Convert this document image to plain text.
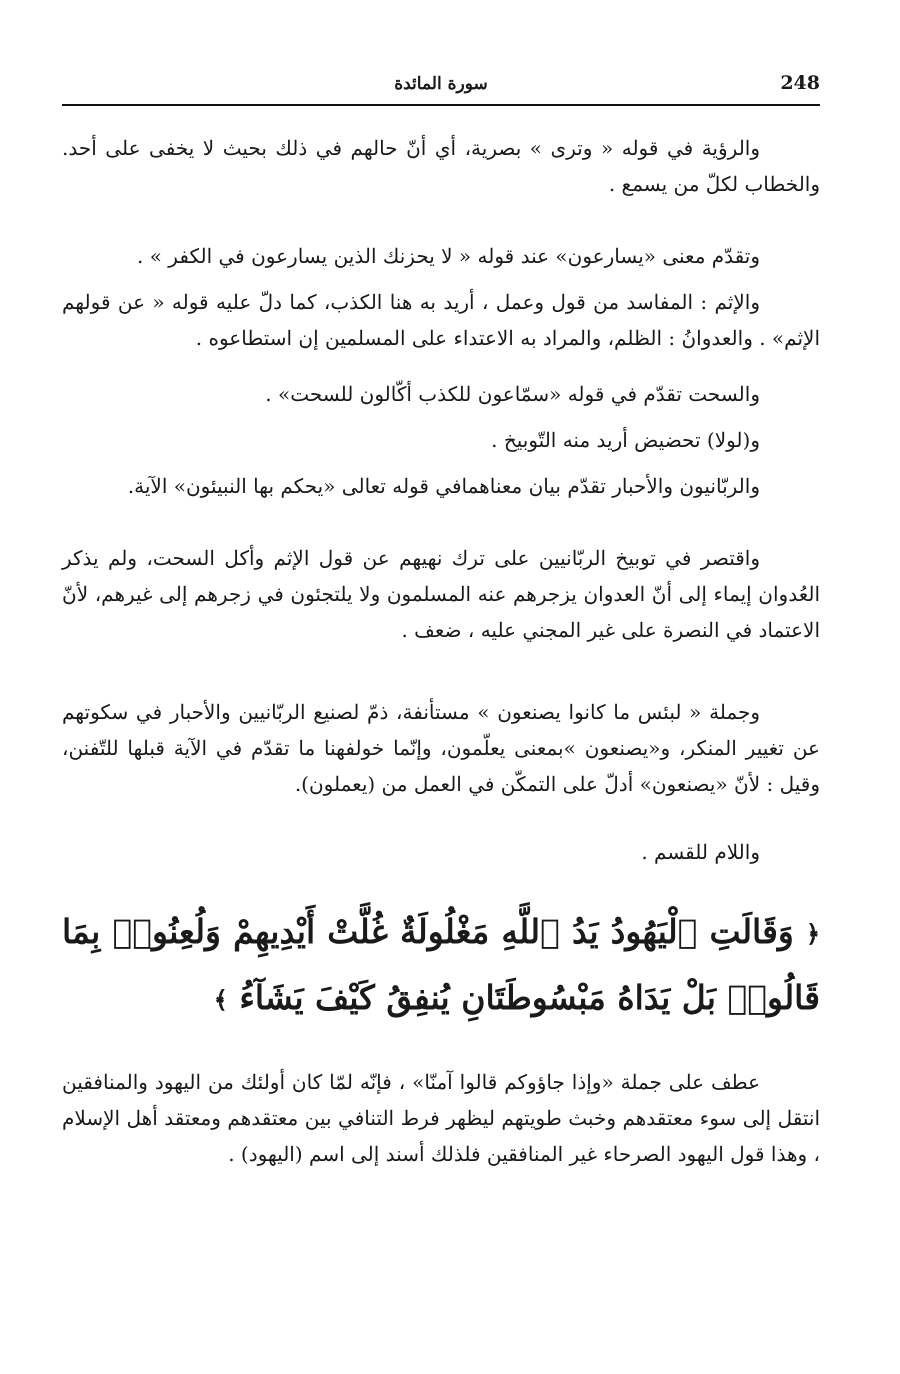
248
سورة المائدة

والرؤية في قوله « وترى » بصرية، أي أنّ حالهم في ذلك بحيث لا يخفى على أحد. والخطاب لكلّ من يسمع .

وتقدّم معنى «يسارعون» عند قوله « لا يحزنك الذين يسارعون في الكفر » .

والإثم : المفاسد من قول وعمل ، أريد به هنا الكذب، كما دلّ عليه قوله « عن قولهم الإثم» . والعدوانُ : الظلم، والمراد به الاعتداء على المسلمين إن استطاعوه .

والسحت تقدّم في قوله «سمّاعون للكذب أكّالون للسحت» .

و(لولا) تحضيض أريد منه التّوبيخ .

والربّانيون والأحبار تقدّم بيان معناهمافي قوله تعالى «يحكم بها النبيئون» الآية.

واقتصر في توبيخ الربّانيين على ترك نهيهم عن قول الإثم وأكل السحت، ولم يذكر العُدوان إيماء إلى أنّ العدوان يزجرهم عنه المسلمون ولا يلتجئون في زجرهم إلى غيرهم، لأنّ الاعتماد في النصرة على غير المجني عليه ، ضعف .

وجملة « لبئس ما كانوا يصنعون » مستأنفة، ذمّ لصنيع الربّانيين والأحبار في سكوتهم عن تغيير المنكر، و«يصنعون »بمعنى يعلّمون، وإنّما خولفهنا ما تقدّم في الآية قبلها للتّفنن، وقيل : لأنّ «يصنعون» أدلّ على التمكّن في العمل من (يعملون).

واللام للقسم .

﴿ وَقَالَتِ ٱلْيَهُودُ يَدُ ٱللَّهِ مَغْلُولَةٌ غُلَّتْ أَيْدِيهِمْ وَلُعِنُوا۟ بِمَا قَالُوا۟ بَلْ يَدَاهُ مَبْسُوطَتَانِ يُنفِقُ كَيْفَ يَشَآءُ ﴾

عطف على جملة «وإذا جاؤوكم قالوا آمنّا» ، فإنّه لمّا كان أولئك من اليهود والمنافقين انتقل إلى سوء معتقدهم وخبث طويتهم ليظهر فرط التنافي بين معتقدهم ومعتقد أهل الإسلام ، وهذا قول اليهود الصرحاء غير المنافقين فلذلك أسند إلى اسم (اليهود) .
